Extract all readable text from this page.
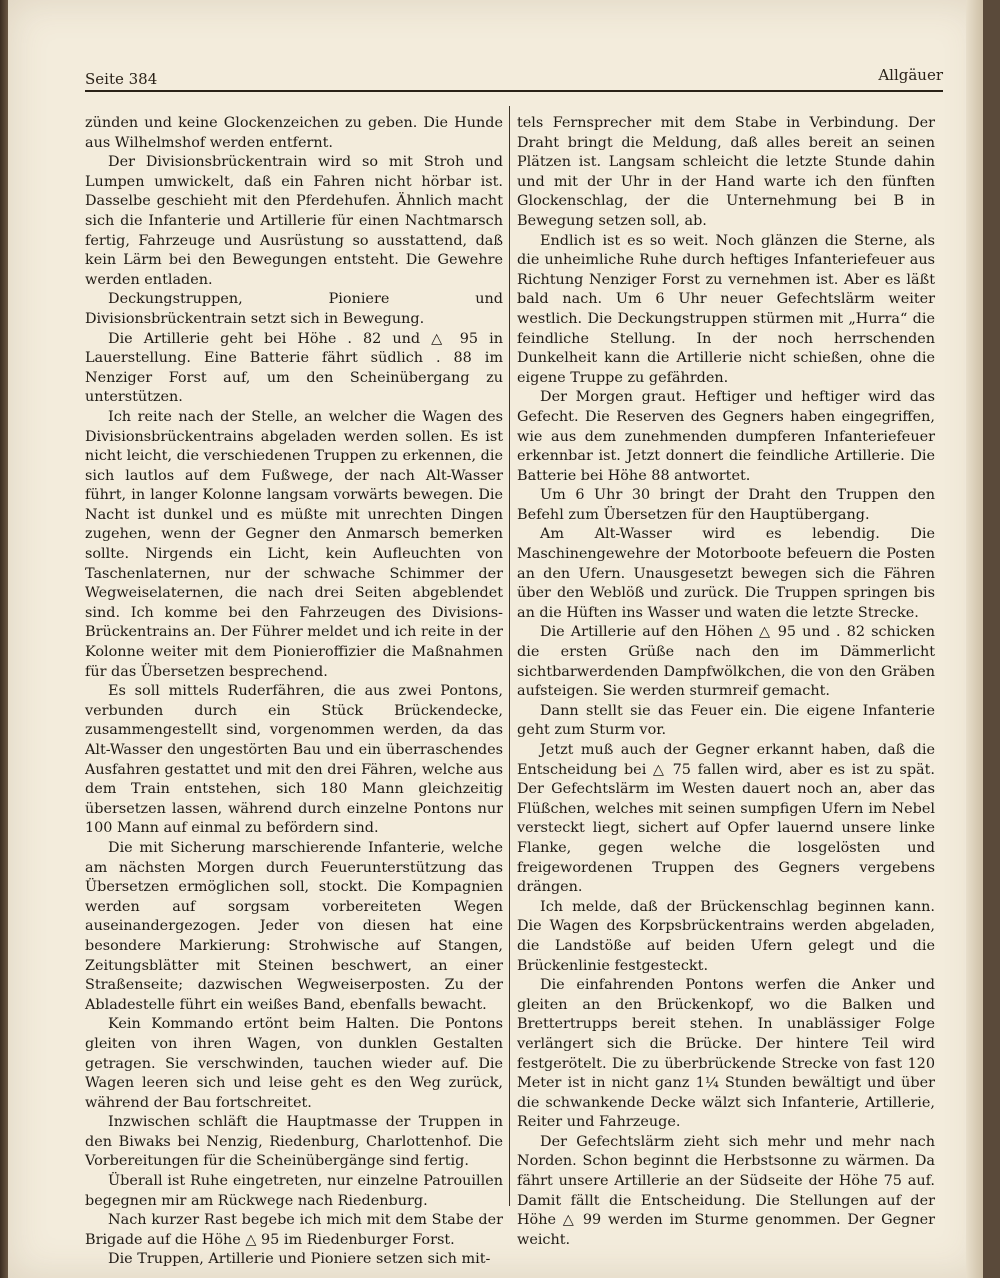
Seite 384	Allgäuer

zünden und keine Glockenzeichen zu geben. Die Hunde aus Wilhelmshof werden entfernt.

Der Divisionsbrückentrain wird so mit Stroh und Lumpen umwickelt, daß ein Fahren nicht hörbar ist. Dasselbe geschieht mit den Pferdehufen. Ähnlich macht sich die Infanterie und Artillerie für einen Nachtmarsch fertig, Fahrzeuge und Ausrüstung so ausstattend, daß kein Lärm bei den Bewegungen entsteht. Die Gewehre werden entladen.

Deckungstruppen, Pioniere und Divisionsbrückentrain setzt sich in Bewegung.

Die Artillerie geht bei Höhe . 82 und △ 95 in Lauerstellung. Eine Batterie fährt südlich . 88 im Nenziger Forst auf, um den Scheinübergang zu unterstützen.

Ich reite nach der Stelle, an welcher die Wagen des Divisionsbrückentrains abgeladen werden sollen. Es ist nicht leicht, die verschiedenen Truppen zu erkennen, die sich lautlos auf dem Fußwege, der nach Alt-Wasser führt, in langer Kolonne langsam vorwärts bewegen. Die Nacht ist dunkel und es müßte mit unrechten Dingen zugehen, wenn der Gegner den Anmarsch bemerken sollte. Nirgends ein Licht, kein Aufleuchten von Taschenlaternen, nur der schwache Schimmer der Wegweiselaternen, die nach drei Seiten abgeblendet sind. Ich komme bei den Fahrzeugen des Divisions-Brückentrains an. Der Führer meldet und ich reite in der Kolonne weiter mit dem Pionieroffizier die Maßnahmen für das Übersetzen besprechend.

Es soll mittels Ruderfähren, die aus zwei Pontons, verbunden durch ein Stück Brückendecke, zusammengestellt sind, vorgenommen werden, da das Alt-Wasser den ungestörten Bau und ein überraschendes Ausfahren gestattet und mit den drei Fähren, welche aus dem Train entstehen, sich 180 Mann gleichzeitig übersetzen lassen, während durch einzelne Pontons nur 100 Mann auf einmal zu befördern sind.

Die mit Sicherung marschierende Infanterie, welche am nächsten Morgen durch Feuerunterstützung das Übersetzen ermöglichen soll, stockt. Die Kompagnien werden auf sorgsam vorbereiteten Wegen auseinandergezogen. Jeder von diesen hat eine besondere Markierung: Strohwische auf Stangen, Zeitungsblätter mit Steinen beschwert, an einer Straßenseite; dazwischen Wegweiserposten. Zu der Abladestelle führt ein weißes Band, ebenfalls bewacht.

Kein Kommando ertönt beim Halten. Die Pontons gleiten von ihren Wagen, von dunklen Gestalten getragen. Sie verschwinden, tauchen wieder auf. Die Wagen leeren sich und leise geht es den Weg zurück, während der Bau fortschreitet.

Inzwischen schläft die Hauptmasse der Truppen in den Biwaks bei Nenzig, Riedenburg, Charlottenhof. Die Vorbereitungen für die Scheinübergänge sind fertig.

Überall ist Ruhe eingetreten, nur einzelne Patrouillen begegnen mir am Rückwege nach Riedenburg.

Nach kurzer Rast begebe ich mich mit dem Stabe der Brigade auf die Höhe △ 95 im Riedenburger Forst.

Die Truppen, Artillerie und Pioniere setzen sich mit-

tels Fernsprecher mit dem Stabe in Verbindung. Der Draht bringt die Meldung, daß alles bereit an seinen Plätzen ist. Langsam schleicht die letzte Stunde dahin und mit der Uhr in der Hand warte ich den fünften Glockenschlag, der die Unternehmung bei B in Bewegung setzen soll, ab.

Endlich ist es so weit. Noch glänzen die Sterne, als die unheimliche Ruhe durch heftiges Infanteriefeuer aus Richtung Nenziger Forst zu vernehmen ist. Aber es läßt bald nach. Um 6 Uhr neuer Gefechtslärm weiter westlich. Die Deckungstruppen stürmen mit „Hurra“ die feindliche Stellung. In der noch herrschenden Dunkelheit kann die Artillerie nicht schießen, ohne die eigene Truppe zu gefährden.

Der Morgen graut. Heftiger und heftiger wird das Gefecht. Die Reserven des Gegners haben eingegriffen, wie aus dem zunehmenden dumpferen Infanteriefeuer erkennbar ist. Jetzt donnert die feindliche Artillerie. Die Batterie bei Höhe 88 antwortet.

Um 6 Uhr 30 bringt der Draht den Truppen den Befehl zum Übersetzen für den Hauptübergang.

Am Alt-Wasser wird es lebendig. Die Maschinengewehre der Motorboote befeuern die Posten an den Ufern. Unausgesetzt bewegen sich die Fähren über den Weblöß und zurück. Die Truppen springen bis an die Hüften ins Wasser und waten die letzte Strecke.

Die Artillerie auf den Höhen △ 95 und . 82 schicken die ersten Grüße nach den im Dämmerlicht sichtbarwerdenden Dampfwölkchen, die von den Gräben aufsteigen. Sie werden sturmreif gemacht.

Dann stellt sie das Feuer ein. Die eigene Infanterie geht zum Sturm vor.

Jetzt muß auch der Gegner erkannt haben, daß die Entscheidung bei △ 75 fallen wird, aber es ist zu spät. Der Gefechtslärm im Westen dauert noch an, aber das Flüßchen, welches mit seinen sumpfigen Ufern im Nebel versteckt liegt, sichert auf Opfer lauernd unsere linke Flanke, gegen welche die losgelösten und freigewordenen Truppen des Gegners vergebens drängen.

Ich melde, daß der Brückenschlag beginnen kann. Die Wagen des Korpsbrückentrains werden abgeladen, die Landstöße auf beiden Ufern gelegt und die Brückenlinie festgesteckt.

Die einfahrenden Pontons werfen die Anker und gleiten an den Brückenkopf, wo die Balken und Brettertrupps bereit stehen. In unablässiger Folge verlängert sich die Brücke. Der hintere Teil wird festgerötelt. Die zu überbrückende Strecke von fast 120 Meter ist in nicht ganz 1¼ Stunden bewältigt und über die schwankende Decke wälzt sich Infanterie, Artillerie, Reiter und Fahrzeuge.

Der Gefechtslärm zieht sich mehr und mehr nach Norden. Schon beginnt die Herbstsonne zu wärmen. Da fährt unsere Artillerie an der Südseite der Höhe 75 auf. Damit fällt die Entscheidung. Die Stellungen auf der Höhe △ 99 werden im Sturme genommen. Der Gegner weicht.
